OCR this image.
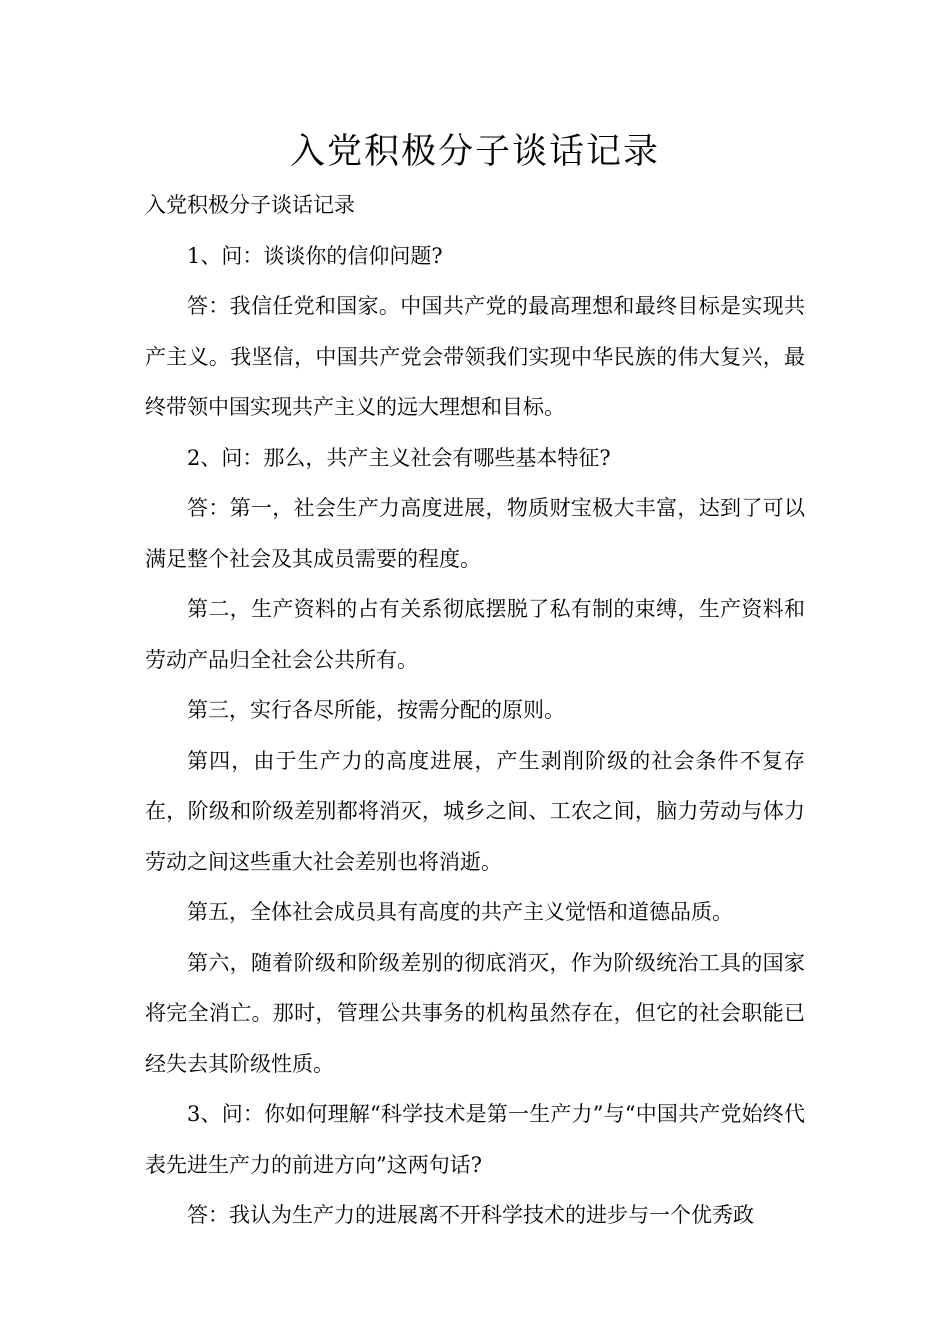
入党积极分子谈话记录

入党积极分子谈话记录

1、问：谈谈你的信仰问题?

答：我信任党和国家。中国共产党的最高理想和最终目标是实现共产主义。我坚信，中国共产党会带领我们实现中华民族的伟大复兴，最终带领中国实现共产主义的远大理想和目标。

2、问：那么，共产主义社会有哪些基本特征?

答：第一，社会生产力高度进展，物质财宝极大丰富，达到了可以满足整个社会及其成员需要的程度。

第二，生产资料的占有关系彻底摆脱了私有制的束缚，生产资料和劳动产品归全社会公共所有。

第三，实行各尽所能，按需分配的原则。

第四，由于生产力的高度进展，产生剥削阶级的社会条件不复存在，阶级和阶级差别都将消灭，城乡之间、工农之间，脑力劳动与体力劳动之间这些重大社会差别也将消逝。

第五，全体社会成员具有高度的共产主义觉悟和道德品质。

第六，随着阶级和阶级差别的彻底消灭，作为阶级统治工具的国家将完全消亡。那时，管理公共事务的机构虽然存在，但它的社会职能已经失去其阶级性质。

3、问：你如何理解“科学技术是第一生产力”与“中国共产党始终代表先进生产力的前进方向”这两句话?

答：我认为生产力的进展离不开科学技术的进步与一个优秀政
